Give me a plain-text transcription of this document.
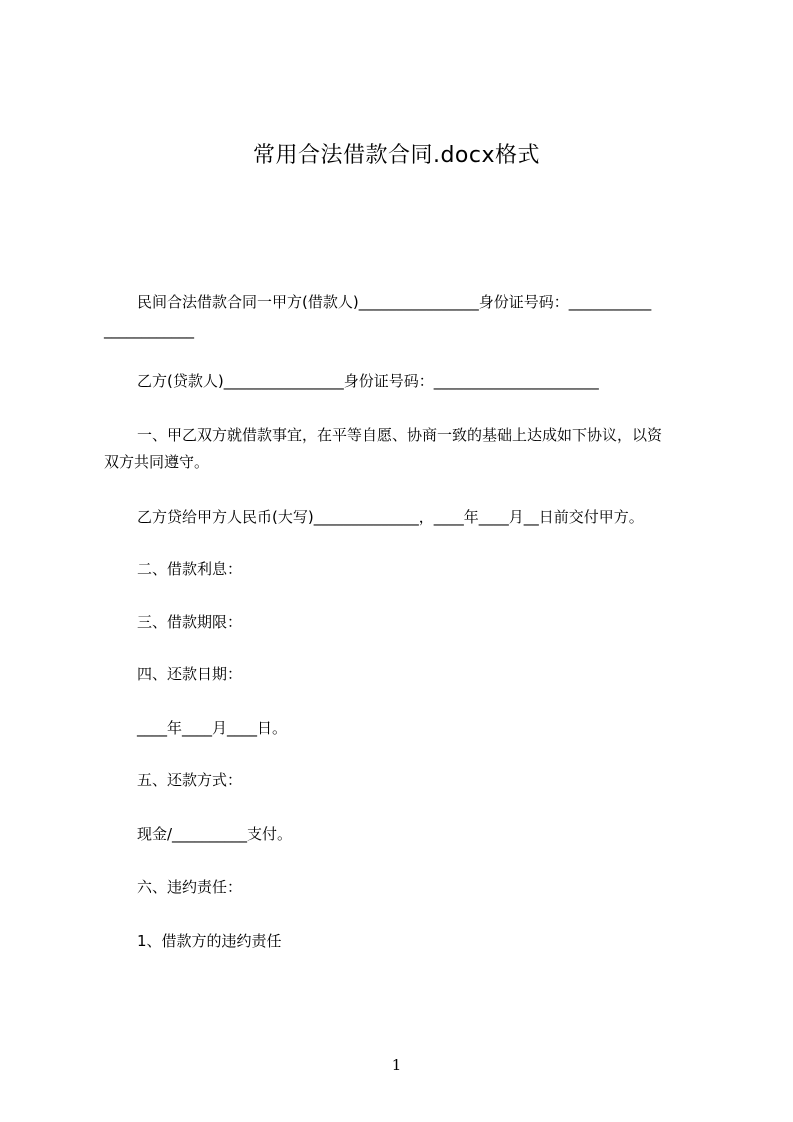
常用合法借款合同.docx格式
民间合法借款合同一甲方(借款人)________________身份证号码：___________
____________
乙方(贷款人)________________身份证号码：______________________
一、甲乙双方就借款事宜，在平等自愿、协商一致的基础上达成如下协议，以资
双方共同遵守。
乙方贷给甲方人民币(大写)______________，____年____月__日前交付甲方。
二、借款利息：
三、借款期限：
四、还款日期：
____年____月____日。
五、还款方式：
现金/__________支付。
六、违约责任：
1、借款方的违约责任
1
